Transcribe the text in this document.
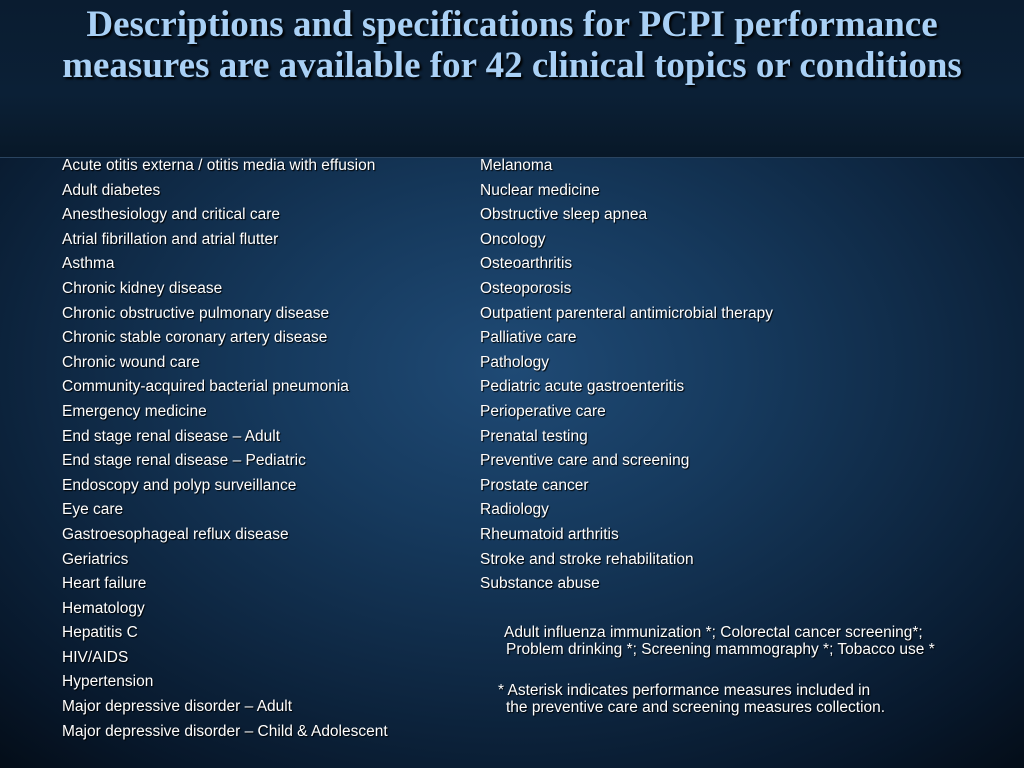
Descriptions and specifications for PCPI performance measures are available for 42 clinical topics or conditions
Acute otitis externa / otitis media with effusion
Adult diabetes
Anesthesiology and critical care
Atrial fibrillation and atrial flutter
Asthma
Chronic kidney disease
Chronic obstructive pulmonary disease
Chronic stable coronary artery disease
Chronic wound care
Community-acquired bacterial pneumonia
Emergency medicine
End stage renal disease – Adult
End stage renal disease – Pediatric
Endoscopy and polyp surveillance
Eye care
Gastroesophageal reflux disease
Geriatrics
Heart failure
Hematology
Hepatitis C
HIV/AIDS
Hypertension
Major depressive disorder – Adult
Major depressive disorder – Child & Adolescent
Melanoma
Nuclear medicine
Obstructive sleep apnea
Oncology
Osteoarthritis
Osteoporosis
Outpatient parenteral antimicrobial therapy
Palliative care
Pathology
Pediatric acute gastroenteritis
Perioperative care
Prenatal testing
Preventive care and screening
Prostate cancer
Radiology
Rheumatoid arthritis
Stroke and stroke rehabilitation
Substance abuse
Adult influenza immunization *; Colorectal cancer screening*;
Problem drinking *; Screening mammography *; Tobacco use *
* Asterisk indicates performance measures included in
the preventive care and screening measures collection.
